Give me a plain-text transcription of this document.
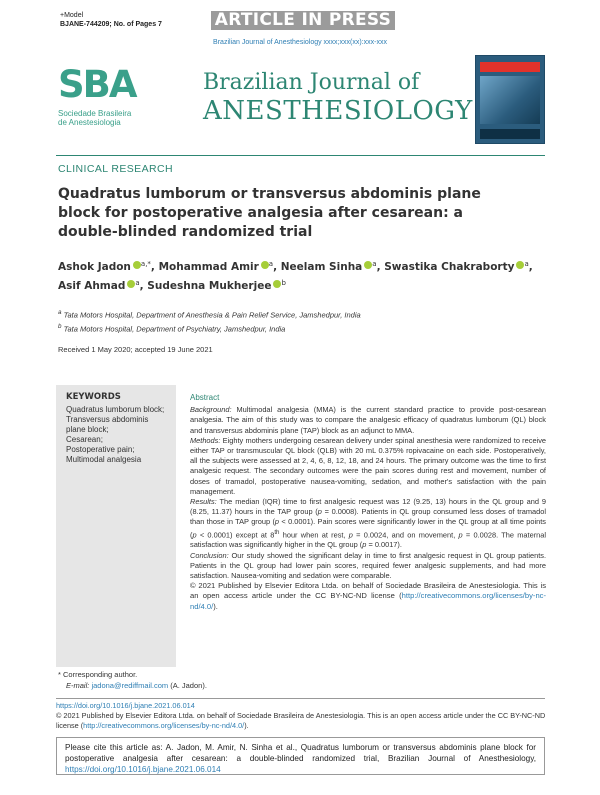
+Model
BJANE-744209; No. of Pages 7	ARTICLE IN PRESS
Brazilian Journal of Anesthesiology xxxx;xxx(xx):xxx-xxx
SBA
Sociedade Brasileira
de Anestesiologia
Brazilian Journal of
ANESTHESIOLOGY
CLINICAL RESEARCH
Quadratus lumborum or transversus abdominis plane block for postoperative analgesia after cesarean: a double-blinded randomized trial
Ashok Jadon $^{a,*}$, Mohammad Amir $^a$, Neelam Sinha $^a$, Swastika Chakraborty $^a$,
Asif Ahmad $^a$, Sudeshna Mukherjee $^b$
$^a$ Tata Motors Hospital, Department of Anesthesia & Pain Relief Service, Jamshedpur, India
$^b$ Tata Motors Hospital, Department of Psychiatry, Jamshedpur, India
Received 1 May 2020; accepted 19 June 2021
KEYWORDS
Quadratus lumborum block;
Transversus abdominis plane block;
Cesarean;
Postoperative pain;
Multimodal analgesia
Abstract

Background: Multimodal analgesia (MMA) is the current standard practice to provide post-cesarean analgesia. The aim of this study was to compare the analgesic efficacy of quadratus lumborum (QL) block and transversus abdominis plane (TAP) block as an adjunct to MMA.

Methods: Eighty mothers undergoing cesarean delivery under spinal anesthesia were randomized to receive either TAP or transmuscular QL block (QLB) with 20 mL 0.375% ropivacaine on each side. Postoperatively, all the subjects were assessed at 2, 4, 6, 8, 12, 18, and 24 hours. The primary outcome was the time to first analgesic request. The secondary outcomes were the pain scores during rest and movement, number of doses of tramadol, postoperative nausea-vomiting, sedation, and mother's satisfaction with the pain management.

Results: The median (IQR) time to first analgesic request was 12 (9.25, 13) hours in the QL group and 9 (8.25, 11.37) hours in the TAP group (p = 0.0008). Patients in QL group consumed less doses of tramadol than those in TAP group (p < 0.0001). Pain scores were significantly lower in the QL group at all time points (p < 0.0001) except at 8th hour when at rest, p = 0.0024, and on movement, p = 0.0028. The maternal satisfaction was significantly higher in the QL group (p = 0.0017).

Conclusion: Our study showed the significant delay in time to first analgesic request in QL group patients. Patients in the QL group had lower pain scores, required fewer analgesic supplements, and had more satisfaction. Nausea-vomiting and sedation were comparable.

© 2021 Published by Elsevier Editora Ltda. on behalf of Sociedade Brasileira de Anestesiologia. This is an open access article under the CC BY-NC-ND license (http://creativecommons.org/licenses/by-nc-nd/4.0/).

* Corresponding author.
E-mail: jadona@rediffmail.com (A. Jadon).
https://doi.org/10.1016/j.bjane.2021.06.014
© 2021 Published by Elsevier Editora Ltda. on behalf of Sociedade Brasileira de Anestesiologia. This is an open access article under the CC BY-NC-ND license (http://creativecommons.org/licenses/by-nc-nd/4.0/).
Please cite this article as: A. Jadon, M. Amir, N. Sinha et al., Quadratus lumborum or transversus abdominis plane block for postoperative analgesia after cesarean: a double-blinded randomized trial, Brazilian Journal of Anesthesiology, https://doi.org/10.1016/j.bjane.2021.06.014
